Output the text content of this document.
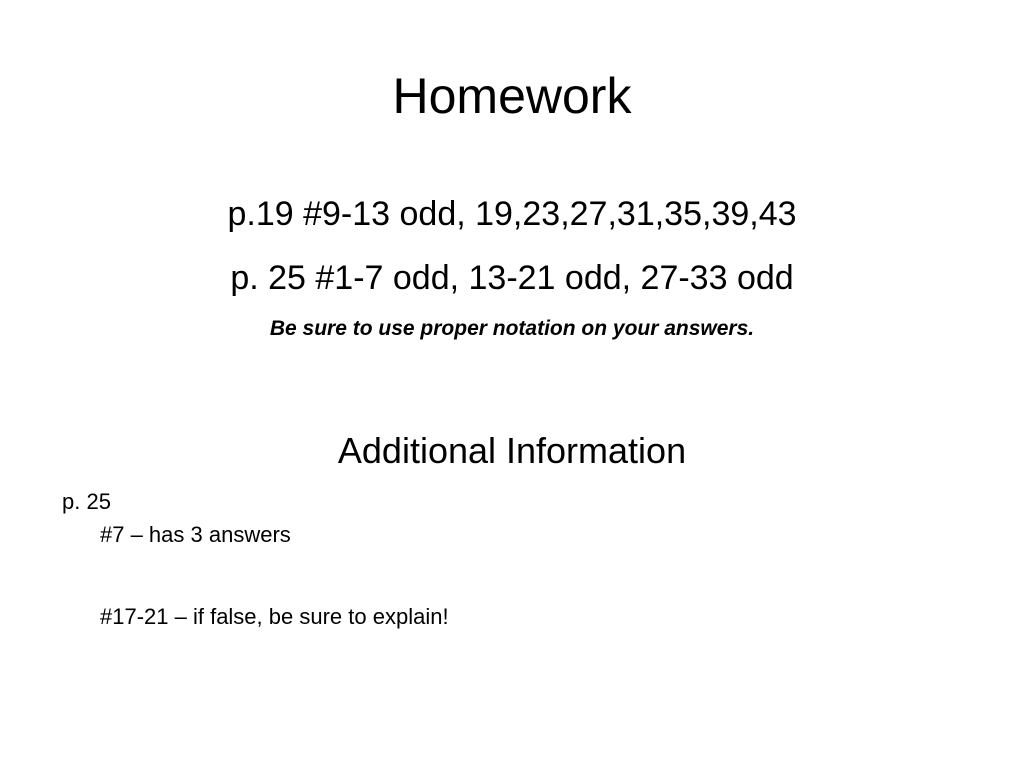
Homework
p.19 #9-13 odd, 19,23,27,31,35,39,43
p. 25 #1-7 odd, 13-21 odd, 27-33 odd
Be sure to use proper notation on your answers.
Additional Information
p. 25
#7 – has 3 answers
#17-21 – if false, be sure to explain!
